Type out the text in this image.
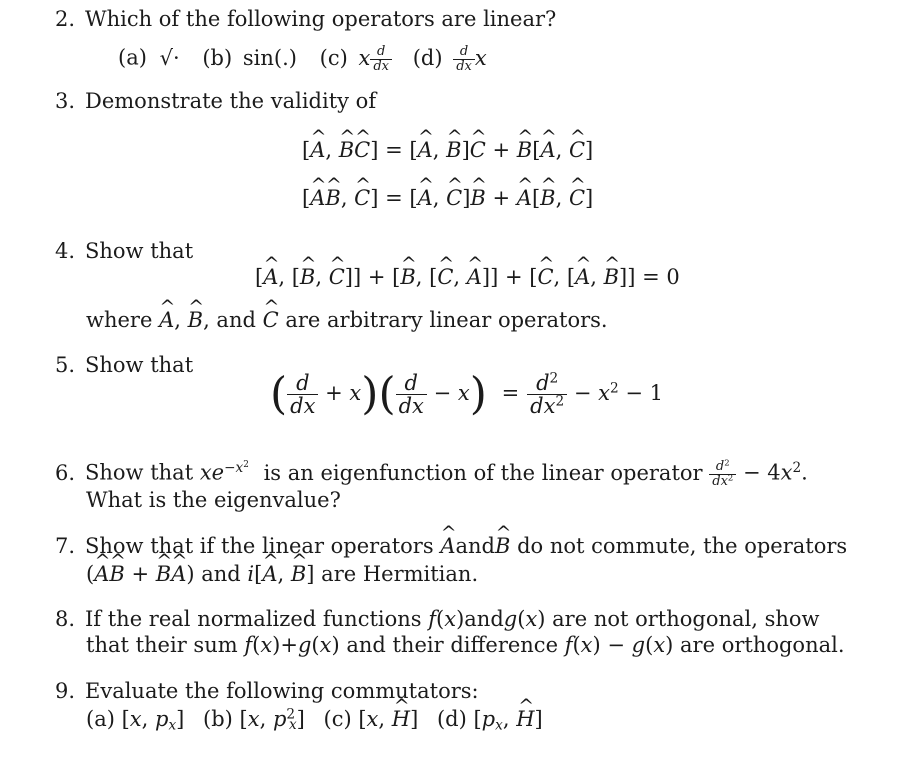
2. Which of the following operators are linear?
(a) √· (b) sin(.) (c) x $\frac{d}{dx} (d) \frac{d}{dx}$ x
3. Demonstrate the validity of
[^ A, ^ B^ C] = [^ A, ^ B]^ C + ^ B[^ A, ^ C]
[^ A^ B, ^ C] = [^ A, ^ C]^ B + ^ A[^ B, ^ C]
4. Show that
[^ A, [^ B, ^ C]] + [^ B, [^ C, ^ A]] + [^ C, [^ A, ^ B]] = 0
where ^ A, ^ B, and ^ C are arbitrary linear operators.
5. Show that
( $\frac{d}{dx} + x)( \frac{d}{dx} - x) = \frac{d^2}{dx^2} - x^2 - 1$
6. Show that $xe^{-x^2}$ is an eigenfunction of the linear operator $\frac{d^2}{dx^2} - 4x^2$.
What is the eigenvalue?
7. Show that if the linear operators ^ Aand^ B do not commute, the operators
(^ A^ B + ^ B^ A) and i[^ A, ^ B] are Hermitian.
8. If the real normalized functions f(x)andg(x) are not orthogonal, show
that their sum f(x)+g(x) and their difference f(x) − g(x) are orthogonal.
9. Evaluate the following commutators:
(a) [x, $p_x$] (b) [x, $p^2_x$] (c) [x, ^ H] (d) [$p_x$, ^ H]
